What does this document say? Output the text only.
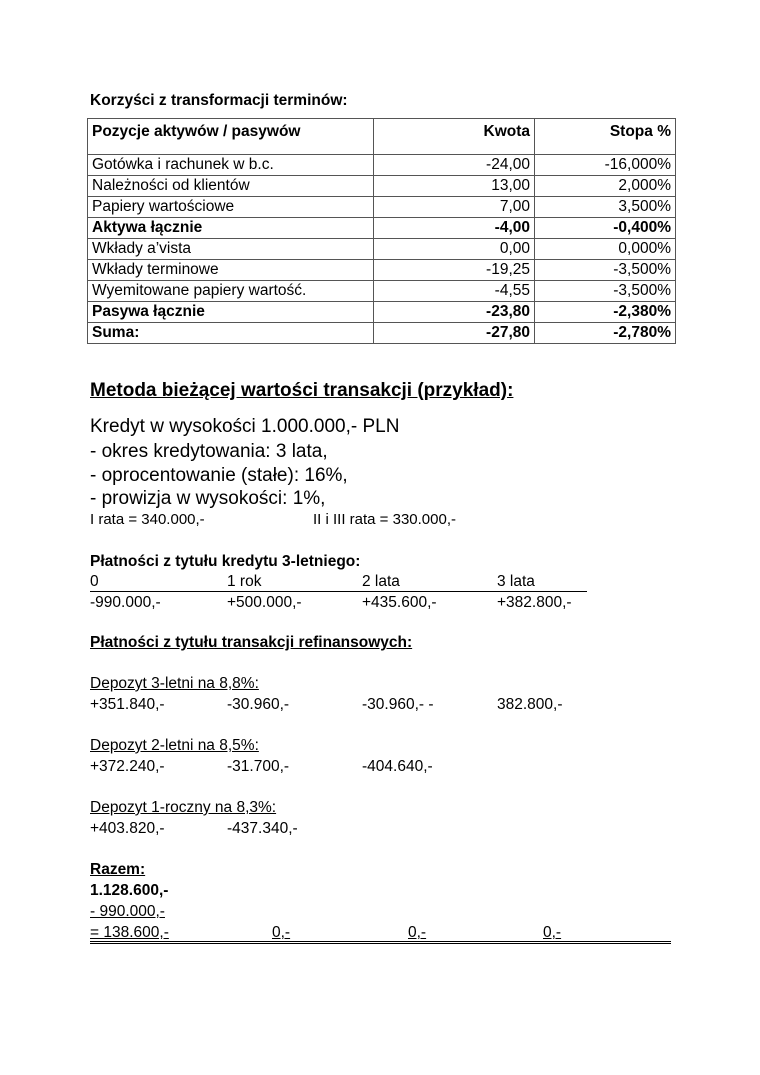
Korzyści z transformacji terminów:
Pozycje aktywów / pasywów	Kwota	Stopa %
Gotówka i rachunek w b.c.	-24,00	-16,000%
Należności od klientów	13,00	2,000%
Papiery wartościowe	7,00	3,500%
Aktywa łącznie	-4,00	-0,400%
Wkłady a’vista	0,00	0,000%
Wkłady terminowe	-19,25	-3,500%
Wyemitowane papiery wartość.	-4,55	-3,500%
Pasywa łącznie	-23,80	-2,380%
Suma:	-27,80	-2,780%
Metoda bieżącej wartości transakcji (przykład):
Kredyt w wysokości 1.000.000,- PLN
- okres kredytowania: 3 lata,
- oprocentowanie (stałe): 16%,
- prowizja w wysokości: 1%,
I rata = 340.000,-	II i III rata = 330.000,-
Płatności z tytułu kredytu 3-letniego:
0	1 rok	2 lata	3 lata
-990.000,-	+500.000,-	+435.600,-	+382.800,-
Płatności z tytułu transakcji refinansowych:
Depozyt 3-letni na 8,8%:
+351.840,-	-30.960,-	-30.960,- -	382.800,-
Depozyt 2-letni na 8,5%:
+372.240,-	-31.700,-	-404.640,-
Depozyt 1-roczny na 8,3%:
+403.820,-	-437.340,-
Razem:
1.128.600,-
- 990.000,-
= 138.600,-	0,-	0,-	0,-
